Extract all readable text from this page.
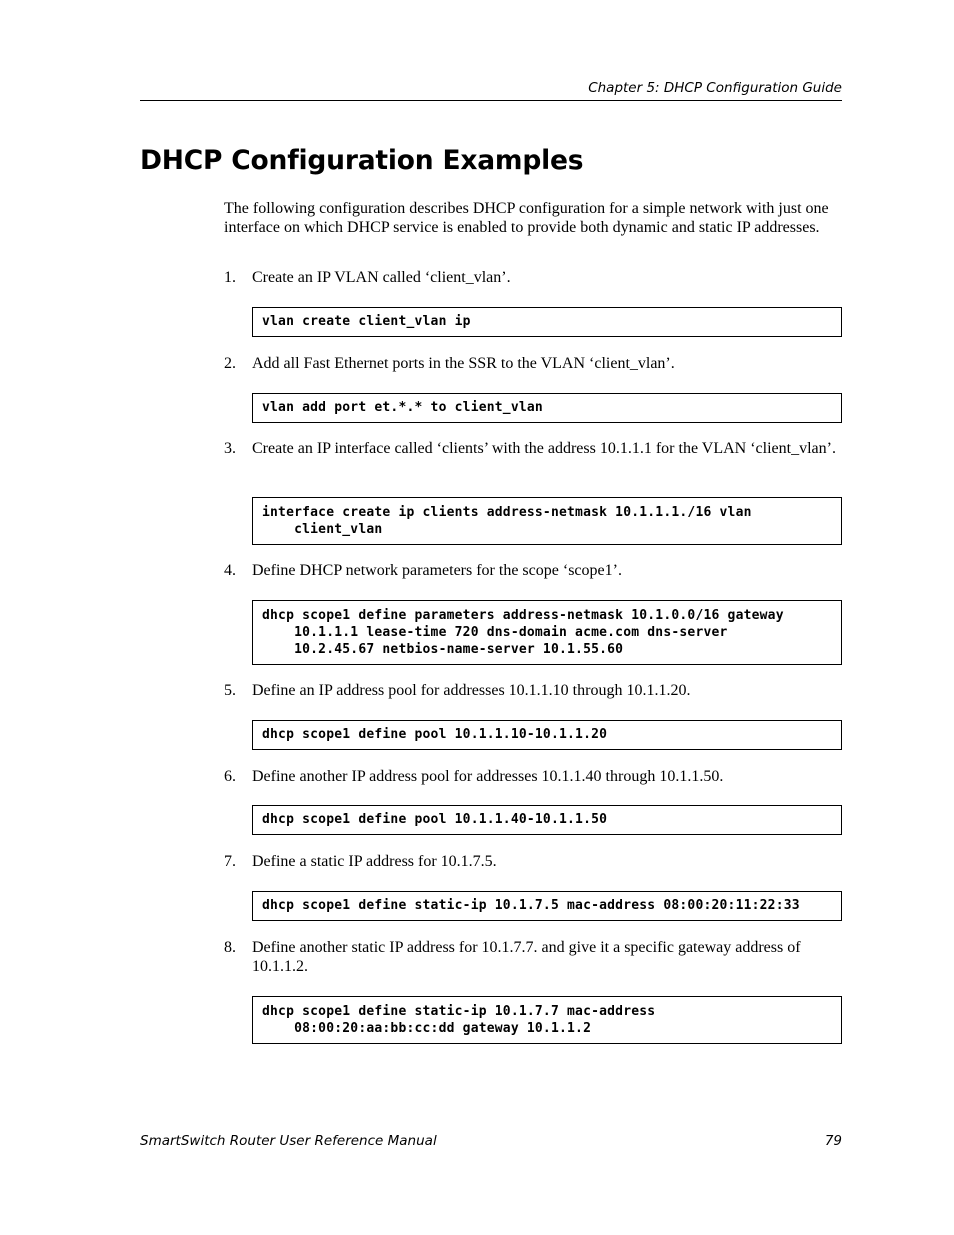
Chapter 5: DHCP Configuration Guide
DHCP Configuration Examples

The following configuration describes DHCP configuration for a simple network with just one interface on which DHCP service is enabled to provide both dynamic and static IP addresses.

1. Create an IP VLAN called ‘client_vlan’.
vlan create client_vlan ip
2. Add all Fast Ethernet ports in the SSR to the VLAN ‘client_vlan’.
vlan add port et.*.* to client_vlan
3. Create an IP interface called ‘clients’ with the address 10.1.1.1 for the VLAN ‘client_vlan’.
interface create ip clients address-netmask 10.1.1.1./16 vlan
client_vlan
4. Define DHCP network parameters for the scope ‘scope1’.
dhcp scope1 define parameters address-netmask 10.1.0.0/16 gateway
10.1.1.1 lease-time 720 dns-domain acme.com dns-server
10.2.45.67 netbios-name-server 10.1.55.60
5. Define an IP address pool for addresses 10.1.1.10 through 10.1.1.20.
dhcp scope1 define pool 10.1.1.10-10.1.1.20
6. Define another IP address pool for addresses 10.1.1.40 through 10.1.1.50.
dhcp scope1 define pool 10.1.1.40-10.1.1.50
7. Define a static IP address for 10.1.7.5.
dhcp scope1 define static-ip 10.1.7.5 mac-address 08:00:20:11:22:33
8. Define another static IP address for 10.1.7.7. and give it a specific gateway address of 10.1.1.2.
dhcp scope1 define static-ip 10.1.7.7 mac-address
08:00:20:aa:bb:cc:dd gateway 10.1.1.2
SmartSwitch Router User Reference Manual	79
